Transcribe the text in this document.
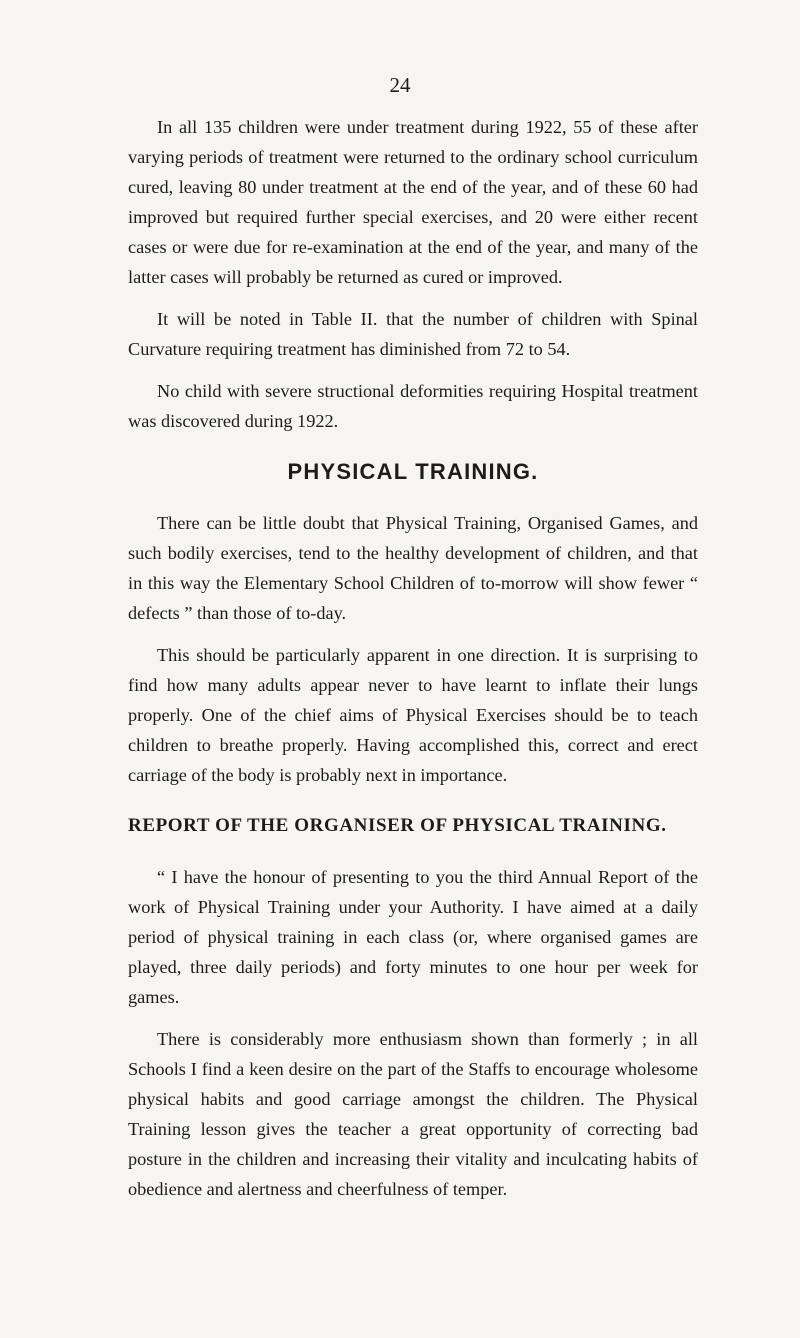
24

In all 135 children were under treatment during 1922, 55 of these after varying periods of treatment were returned to the ordinary school curriculum cured, leaving 80 under treatment at the end of the year, and of these 60 had improved but required further special exercises, and 20 were either recent cases or were due for re-examination at the end of the year, and many of the latter cases will probably be returned as cured or improved.

It will be noted in Table II. that the number of children with Spinal Curvature requiring treatment has diminished from 72 to 54.

No child with severe structional deformities requiring Hospital treatment was discovered during 1922.

PHYSICAL TRAINING.

There can be little doubt that Physical Training, Organised Games, and such bodily exercises, tend to the healthy development of children, and that in this way the Elementary School Children of to-morrow will show fewer “ defects ” than those of to-day.

This should be particularly apparent in one direction. It is surprising to find how many adults appear never to have learnt to inflate their lungs properly. One of the chief aims of Physical Exercises should be to teach children to breathe properly. Having accomplished this, correct and erect carriage of the body is probably next in importance.

REPORT OF THE ORGANISER OF PHYSICAL TRAINING.

“ I have the honour of presenting to you the third Annual Report of the work of Physical Training under your Authority. I have aimed at a daily period of physical training in each class (or, where organised games are played, three daily periods) and forty minutes to one hour per week for games.

There is considerably more enthusiasm shown than formerly ; in all Schools I find a keen desire on the part of the Staffs to encourage wholesome physical habits and good carriage amongst the children. The Physical Training lesson gives the teacher a great opportunity of correcting bad posture in the children and increasing their vitality and inculcating habits of obedience and alertness and cheerfulness of temper.
